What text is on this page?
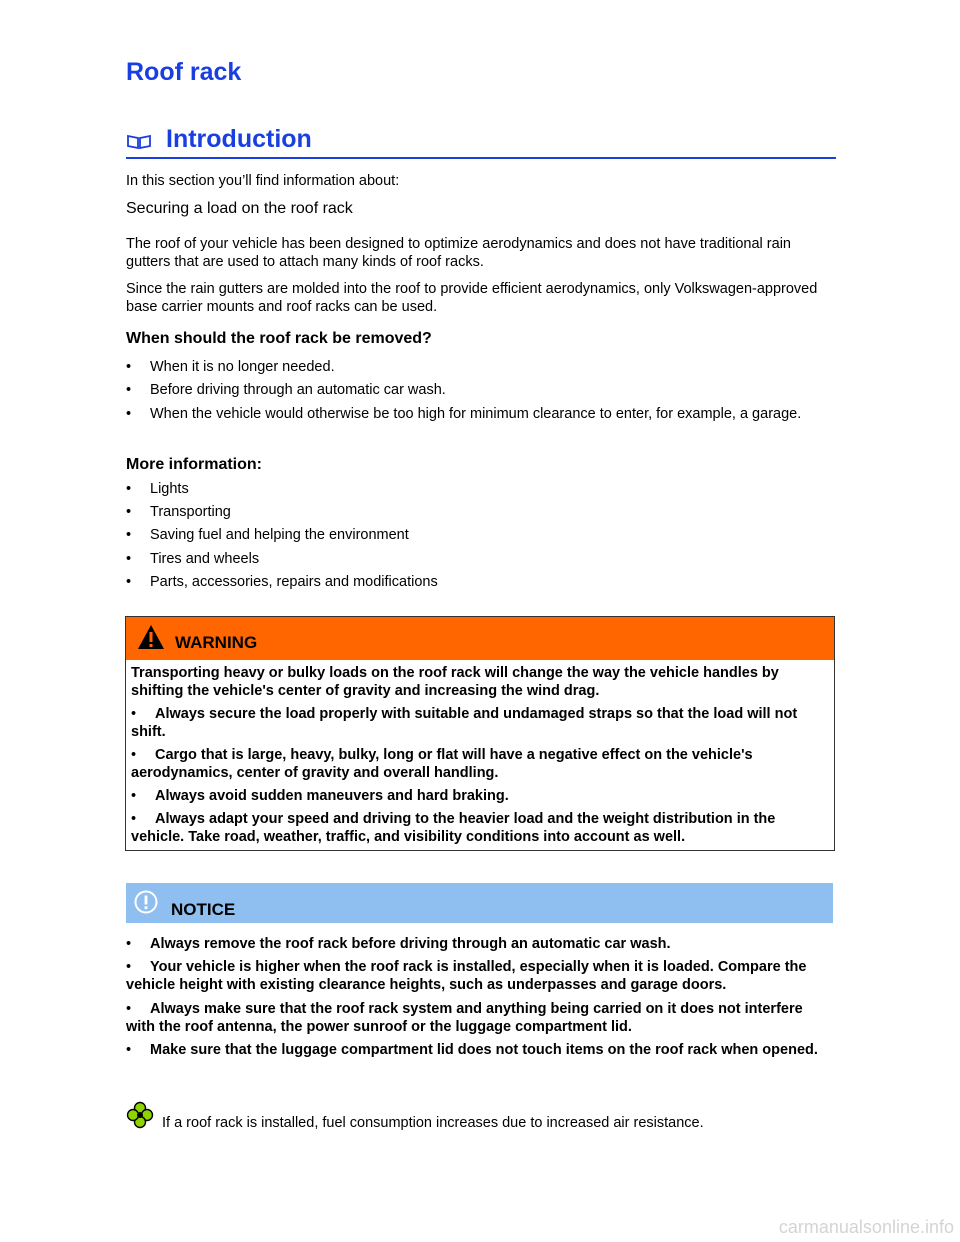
Roof rack
Introduction
In this section you’ll find information about:
Securing a load on the roof rack
The roof of your vehicle has been designed to optimize aerodynamics and does not have traditional rain gutters that are used to attach many kinds of roof racks.
Since the rain gutters are molded into the roof to provide efficient aerodynamics, only Volkswagen-approved base carrier mounts and roof racks can be used.
When should the roof rack be removed?
• When it is no longer needed.
• Before driving through an automatic car wash.
• When the vehicle would otherwise be too high for minimum clearance to enter, for example, a garage.
More information:
• Lights
• Transporting
• Saving fuel and helping the environment
• Tires and wheels
• Parts, accessories, repairs and modifications
WARNING
Transporting heavy or bulky loads on the roof rack will change the way the vehicle handles by shifting the vehicle's center of gravity and increasing the wind drag.
• Always secure the load properly with suitable and undamaged straps so that the load will not shift.
• Cargo that is large, heavy, bulky, long or flat will have a negative effect on the vehicle's aerodynamics, center of gravity and overall handling.
• Always avoid sudden maneuvers and hard braking.
• Always adapt your speed and driving to the heavier load and the weight distribution in the vehicle. Take road, weather, traffic, and visibility conditions into account as well.
NOTICE
• Always remove the roof rack before driving through an automatic car wash.
• Your vehicle is higher when the roof rack is installed, especially when it is loaded. Compare the vehicle height with existing clearance heights, such as underpasses and garage doors.
• Always make sure that the roof rack system and anything being carried on it does not interfere with the roof antenna, the power sunroof or the luggage compartment lid.
• Make sure that the luggage compartment lid does not touch items on the roof rack when opened.
If a roof rack is installed, fuel consumption increases due to increased air resistance.
carmanualsonline.info
